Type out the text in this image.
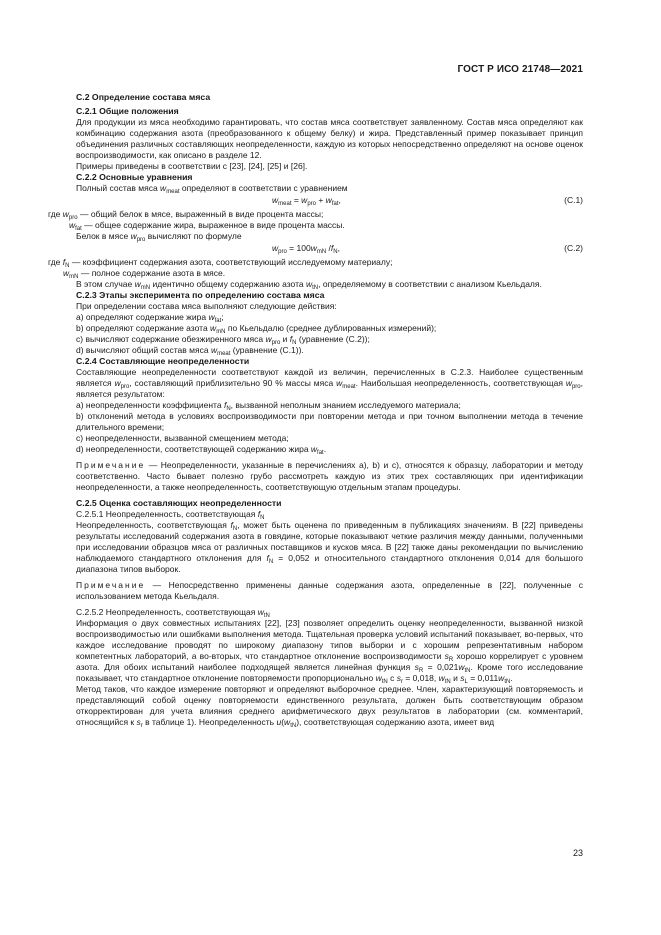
ГОСТ Р ИСО 21748—2021

C.2 Определение состава мяса

C.2.1 Общие положения

Для продукции из мяса необходимо гарантировать, что состав мяса соответствует заявленному. Состав мяса определяют как комбинацию содержания азота (преобразованного к общему белку) и жира. Представленный пример показывает принцип объединения различных составляющих неопределенности, каждую из которых непосредственно определяют на основе оценок воспроизводимости, как описано в разделе 12.

Примеры приведены в соответствии с [23], [24], [25] и [26].

C.2.2 Основные уравнения

Полный состав мяса $w_{meat}$ определяют в соответствии с уравнением

$w_{meat} = w_{pro} + w_{fat}$,	(C.1)

где $w_{pro}$ — общий белок в мясе, выраженный в виде процента массы;

$w_{fat}$ — общее содержание жира, выраженное в виде процента массы.

Белок в мясе $w_{pro}$ вычисляют по формуле

$w_{pro} = 100w_{mN}$ $/f_N$,	(C.2)

где $f_N$ — коэффициент содержания азота, соответствующий исследуемому материалу;

$w_{mN}$ — полное содержание азота в мясе.

В этом случае $w_{mN}$ идентично общему содержанию азота $w_{tN}$, определяемому в соответствии с анализом Кьельдаля.

C.2.3 Этапы эксперимента по определению состава мяса

При определении состава мяса выполняют следующие действия:

a) определяют содержание жира $w_{fat}$;

b) определяют содержание азота $w_{mN}$ по Кьельдалю (среднее дублированных измерений);

c) вычисляют содержание обезжиренного мяса $w_{pro}$ и $f_N$ (уравнение (C.2));

d) вычисляют общий состав мяса $w_{meat}$ (уравнение (C.1)).

C.2.4 Составляющие неопределенности

Составляющие неопределенности соответствуют каждой из величин, перечисленных в C.2.3. Наиболее существенным является $w_{pro}$, составляющий приблизительно 90 % массы мяса $w_{meat}$. Наибольшая неопределенность, соответствующая $w_{pro}$, является результатом:

a) неопределенности коэффициента $f_N$, вызванной неполным знанием исследуемого материала;

b) отклонений метода в условиях воспроизводимости при повторении метода и при точном выполнении метода в течение длительного времени;

c) неопределенности, вызванной смещением метода;

d) неопределенности, соответствующей содержанию жира $w_{fat}$.

Примечание — Неопределенности, указанные в перечислениях a), b) и c), относятся к образцу, лаборатории и методу соответственно. Часто бывает полезно грубо рассмотреть каждую из этих трех составляющих при идентификации неопределенности, а также неопределенность, соответствующую отдельным этапам процедуры.

C.2.5 Оценка составляющих неопределенности

C.2.5.1 Неопределенность, соответствующая $f_N$

Неопределенность, соответствующая $f_N$, может быть оценена по приведенным в публикациях значениям. В [22] приведены результаты исследований содержания азота в говядине, которые показывают четкие различия между данными, полученными при исследовании образцов мяса от различных поставщиков и кусков мяса. В [22] также даны рекомендации по вычислению наблюдаемого стандартного отклонения для $f_N = 0,052$ и относительного стандартного отклонения 0,014 для большого диапазона типов выборок.

Примечание — Непосредственно применены данные содержания азота, определенные в [22], полученные с использованием метода Кьельдаля.

C.2.5.2 Неопределенность, соответствующая $w_{tN}$

Информация о двух совместных испытаниях [22], [23] позволяет определить оценку неопределенности, вызванной низкой воспроизводимостью или ошибками выполнения метода. Тщательная проверка условий испытаний показывает, во-первых, что каждое исследование проводят по широкому диапазону типов выборки и с хорошим репрезентативным набором компетентных лабораторий, а во-вторых, что стандартное отклонение воспроизводимости $s_R$ хорошо коррелирует с уровнем азота. Для обоих испытаний наиболее подходящей является линейная функция $s_R = 0,021w_{tN}$. Кроме того исследование показывает, что стандартное отклонение повторяемости пропорционально $w_{tN}$ с $s_r = 0,018$, $w_{tN}$ и $s_L = 0,011w_{tN}$.

Метод таков, что каждое измерение повторяют и определяют выборочное среднее. Член, характеризующий повторяемость и представляющий собой оценку повторяемости единственного результата, должен быть соответствующим образом откорректирован для учета влияния среднего арифметического двух результатов в лаборатории (см. комментарий, относящийся к $s_r$ в таблице 1). Неопределенность $u(w_{tN})$, соответствующая содержанию азота, имеет вид

23
